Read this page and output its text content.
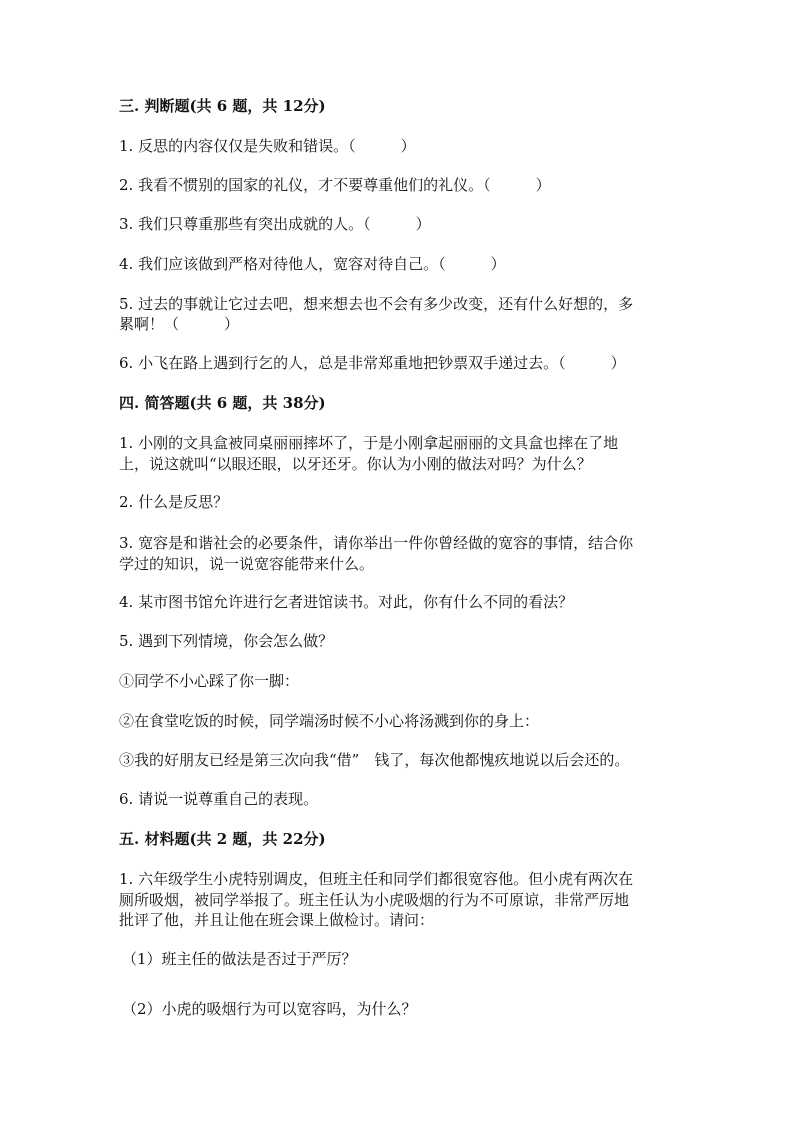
三. 判断题(共 6 题，共 12分)
1. 反思的内容仅仅是失败和错误。（　　　）
2. 我看不惯别的国家的礼仪，才不要尊重他们的礼仪。（　　　）
3. 我们只尊重那些有突出成就的人。（　　　）
4. 我们应该做到严格对待他人，宽容对待自己。（　　　）
5. 过去的事就让它过去吧，想来想去也不会有多少改变，还有什么好想的，多
累啊！（　　　）
6. 小飞在路上遇到行乞的人，总是非常郑重地把钞票双手递过去。（　　　）
四. 简答题(共 6 题，共 38分)
1. 小刚的文具盒被同桌丽丽摔坏了，于是小刚拿起丽丽的文具盒也摔在了地
上，说这就叫“以眼还眼，以牙还牙。你认为小刚的做法对吗？为什么？
2. 什么是反思？
3. 宽容是和谐社会的必要条件，请你举出一件你曾经做的宽容的事情，结合你
学过的知识，说一说宽容能带来什么。
4. 某市图书馆允许进行乞者进馆读书。对此，你有什么不同的看法？
5. 遇到下列情境，你会怎么做？
①同学不小心踩了你一脚：
②在食堂吃饭的时候，同学端汤时候不小心将汤溅到你的身上：
③我的好朋友已经是第三次向我“借”　钱了，每次他都愧疚地说以后会还的。
6. 请说一说尊重自己的表现。
五. 材料题(共 2 题，共 22分)
1. 六年级学生小虎特别调皮，但班主任和同学们都很宽容他。但小虎有两次在
厕所吸烟，被同学举报了。班主任认为小虎吸烟的行为不可原谅，非常严厉地
批评了他，并且让他在班会课上做检讨。请问：
（1）班主任的做法是否过于严厉？
（2）小虎的吸烟行为可以宽容吗，为什么？
